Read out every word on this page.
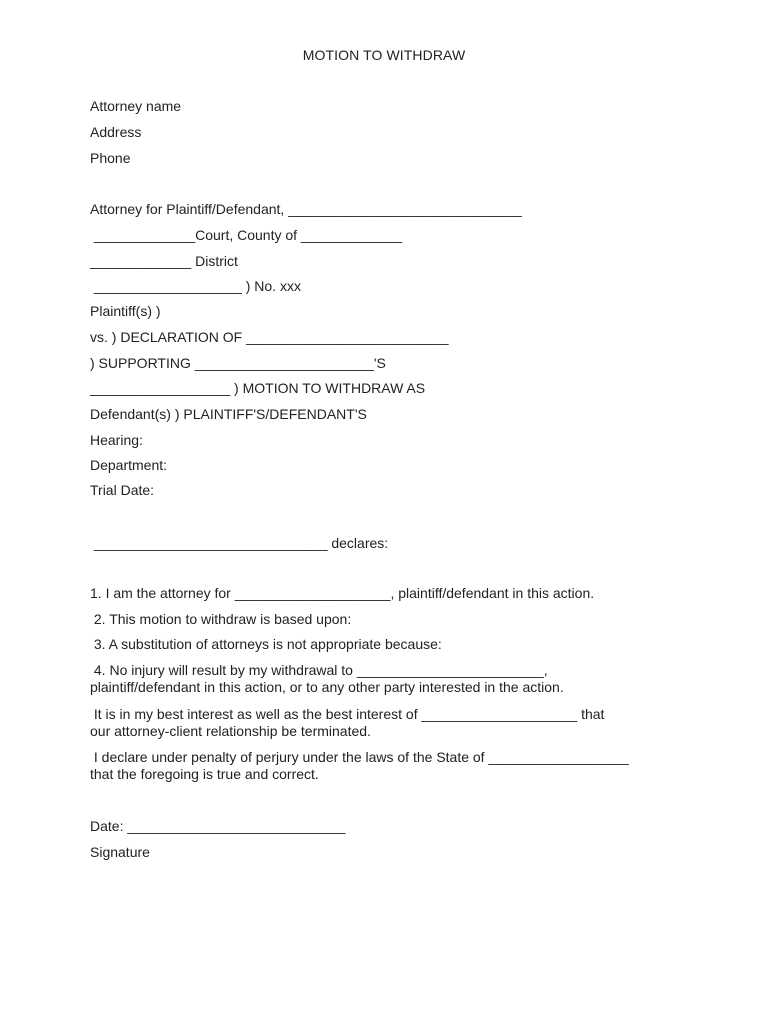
MOTION TO WITHDRAW
Attorney name
Address
Phone
Attorney for Plaintiff/Defendant, ______________________________
_____________Court, County of _____________
_____________ District
___________________ ) No. xxx
Plaintiff(s) )
vs. ) DECLARATION OF __________________________
) SUPPORTING _______________________'S
__________________ ) MOTION TO WITHDRAW AS
Defendant(s) ) PLAINTIFF'S/DEFENDANT'S
Hearing:
Department:
Trial Date:
______________________________ declares:
1. I am the attorney for ____________________, plaintiff/defendant in this action.
2. This motion to withdraw is based upon:
3. A substitution of attorneys is not appropriate because:
4. No injury will result by my withdrawal to ________________________,
plaintiff/defendant in this action, or to any other party interested in the action.
It is in my best interest as well as the best interest of ____________________ that
our attorney-client relationship be terminated.
I declare under penalty of perjury under the laws of the State of __________________
that the foregoing is true and correct.
Date: ____________________________
Signature
